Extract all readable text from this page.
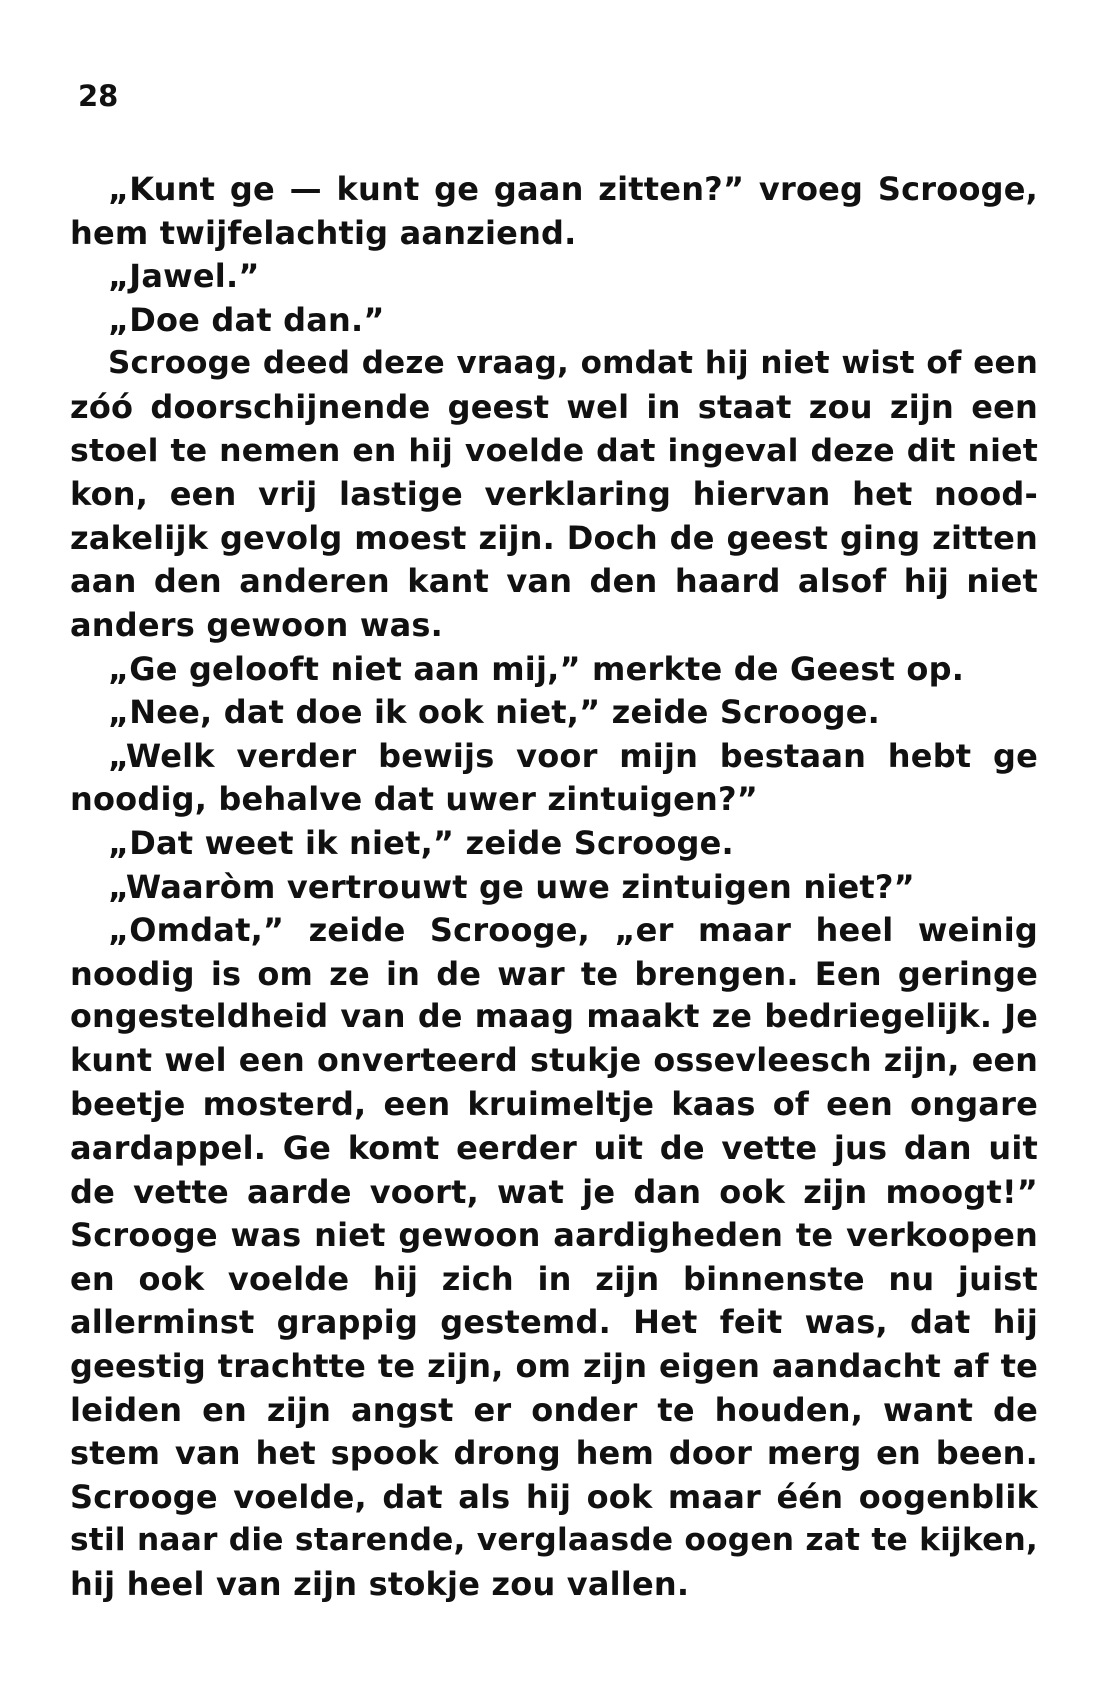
28
„Kunt ge — kunt ge gaan zitten?” vroeg Scrooge,
hem twijfelachtig aanziend.
„Jawel.”
„Doe dat dan.”
Scrooge deed deze vraag, omdat hij niet wist of een
zóó doorschijnende geest wel in staat zou zijn een
stoel te nemen en hij voelde dat ingeval deze dit niet
kon, een vrij lastige verklaring hiervan het nood-
zakelijk gevolg moest zijn. Doch de geest ging zitten
aan den anderen kant van den haard alsof hij niet
anders gewoon was.
„Ge gelooft niet aan mij,” merkte de Geest op.
„Nee, dat doe ik ook niet,” zeide Scrooge.
„Welk verder bewijs voor mijn bestaan hebt ge
noodig, behalve dat uwer zintuigen?”
„Dat weet ik niet,” zeide Scrooge.
„Waaròm vertrouwt ge uwe zintuigen niet?”
„Omdat,” zeide Scrooge, „er maar heel weinig
noodig is om ze in de war te brengen. Een geringe
ongesteldheid van de maag maakt ze bedriegelijk. Je
kunt wel een onverteerd stukje ossevleesch zijn, een
beetje mosterd, een kruimeltje kaas of een ongare
aardappel. Ge komt eerder uit de vette jus dan uit
de vette aarde voort, wat je dan ook zijn moogt!”
Scrooge was niet gewoon aardigheden te verkoopen
en ook voelde hij zich in zijn binnenste nu juist
allerminst grappig gestemd. Het feit was, dat hij
geestig trachtte te zijn, om zijn eigen aandacht af te
leiden en zijn angst er onder te houden, want de
stem van het spook drong hem door merg en been.
Scrooge voelde, dat als hij ook maar één oogenblik
stil naar die starende, verglaasde oogen zat te kijken,
hij heel van zijn stokje zou vallen.
